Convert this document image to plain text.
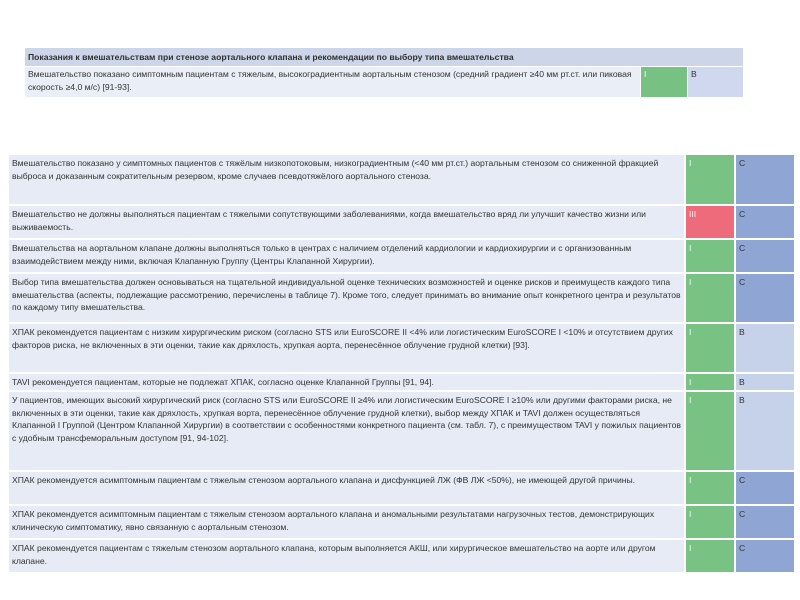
Показания к вмешательствам при стенозе аортального клапана и рекомендации по выбору типа вмешательства
Вмешательство показано симптомным пациентам с тяжелым, высокоградиентным аортальным стенозом (средний градиент ≥40 мм рт.ст. или пиковая скорость ≥4,0 м/с) [91-93].	I	B
Вмешательство показано у симптомных пациентов с тяжёлым низкопотоковым, низкоградиентным (<40 мм рт.ст.) аортальным стенозом со сниженной фракцией выброса и доказанным сократительным резервом, кроме случаев псевдотяжёлого аортального стеноза.	I	C
Вмешательство не должны выполняться пациентам с тяжелыми сопутствующими заболеваниями, когда вмешательство вряд ли улучшит качество жизни или выживаемость.	III	C
Вмешательства на аортальном клапане должны выполняться только в центрах с наличием отделений кардиологии и кардиохирургии и с организованным взаимодействием между ними, включая Клапанную Группу (Центры Клапанной Хирургии).	I	C
Выбор типа вмешательства должен основываться на тщательной индивидуальной оценке технических возможностей и оценке рисков и преимуществ каждого типа вмешательства (аспекты, подлежащие рассмотрению, перечислены в таблице 7). Кроме того, следует принимать во внимание опыт конкретного центра и результатов по каждому типу вмешательства.	I	C
ХПАК рекомендуется пациентам с низким хирургическим риском (согласно STS или EuroSCORE II <4% или логистическим EuroSCORE I <10% и отсутствием других факторов риска, не включенных в эти оценки, такие как дряхлость, хрупкая аорта, перенесённое облучение грудной клетки) [93].	I	B
TAVI рекомендуется пациентам, которые не подлежат ХПАК, согласно оценке Клапанной Группы [91, 94].	I	B
У пациентов, имеющих высокий хирургический риск (согласно STS или EuroSCORE II ≥4% или логистическим EuroSCORE I ≥10% или другими факторами риска, не включенных в эти оценки, такие как дряхлость, хрупкая ворта, перенесённое облучение грудной клетки), выбор между ХПАК и TAVI должен осуществляться Клапанной I Группой (Центром Клапанной Хирургии) в соответствии с особенностями конкретного пациента (см. табл. 7), с преимуществом TAVI у пожилых пациентов с удобным трансфеморальным доступом [91, 94-102].	I	B
ХПАК рекомендуется асимптомным пациентам с тяжелым стенозом аортального клапана и дисфункцией ЛЖ (ФВ ЛЖ <50%), не имеющей другой причины.	I	C
ХПАК рекомендуется асимптомным пациентам с тяжелым стенозом аортального клапана и аномальными результатами нагрузочных тестов, демонстрирующих клиническую симптоматику, явно связанную с аортальным стенозом.	I	C
ХПАК рекомендуется пациентам с тяжелым стенозом аортального клапана, которым выполняется АКШ, или хирургическое вмешательство на аорте или другом клапане.	I	C
